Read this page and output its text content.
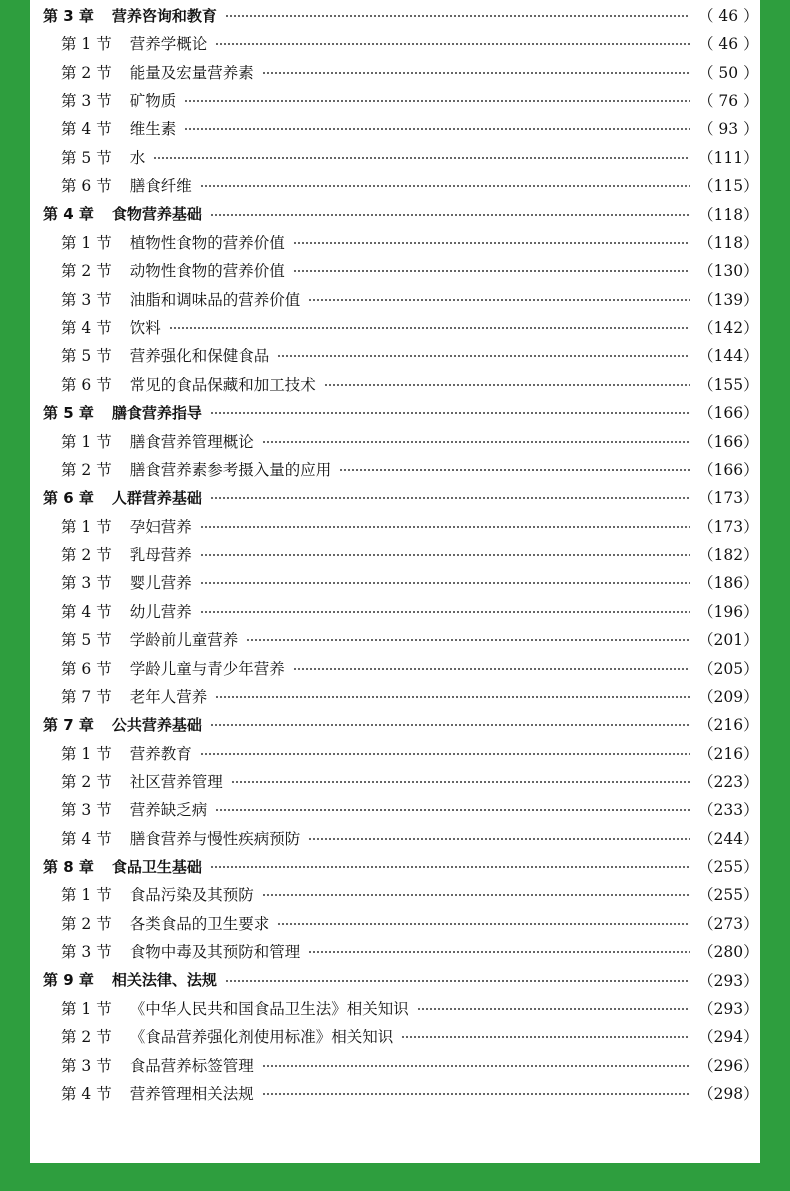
第 3 章 营养咨询和教育	（ 46 ）
第 1 节 营养学概论	（ 46 ）
第 2 节 能量及宏量营养素	（ 50 ）
第 3 节 矿物质	（ 76 ）
第 4 节 维生素	（ 93 ）
第 5 节 水	（111）
第 6 节 膳食纤维	（115）
第 4 章 食物营养基础	（118）
第 1 节 植物性食物的营养价值	（118）
第 2 节 动物性食物的营养价值	（130）
第 3 节 油脂和调味品的营养价值	（139）
第 4 节 饮料	（142）
第 5 节 营养强化和保健食品	（144）
第 6 节 常见的食品保藏和加工技术	（155）
第 5 章 膳食营养指导	（166）
第 1 节 膳食营养管理概论	（166）
第 2 节 膳食营养素参考摄入量的应用	（166）
第 6 章 人群营养基础	（173）
第 1 节 孕妇营养	（173）
第 2 节 乳母营养	（182）
第 3 节 婴儿营养	（186）
第 4 节 幼儿营养	（196）
第 5 节 学龄前儿童营养	（201）
第 6 节 学龄儿童与青少年营养	（205）
第 7 节 老年人营养	（209）
第 7 章 公共营养基础	（216）
第 1 节 营养教育	（216）
第 2 节 社区营养管理	（223）
第 3 节 营养缺乏病	（233）
第 4 节 膳食营养与慢性疾病预防	（244）
第 8 章 食品卫生基础	（255）
第 1 节 食品污染及其预防	（255）
第 2 节 各类食品的卫生要求	（273）
第 3 节 食物中毒及其预防和管理	（280）
第 9 章 相关法律、法规	（293）
第 1 节 《中华人民共和国食品卫生法》相关知识	（293）
第 2 节 《食品营养强化剂使用标准》相关知识	（294）
第 3 节 食品营养标签管理	（296）
第 4 节 营养管理相关法规	（298）
